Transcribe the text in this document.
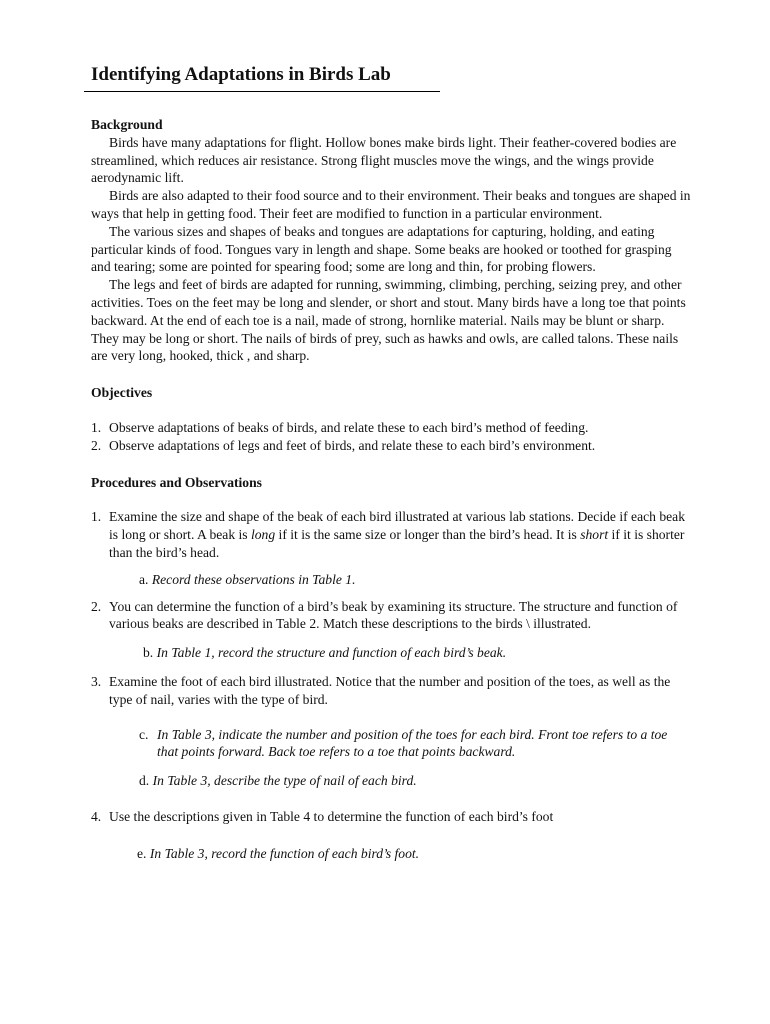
Identifying Adaptations in Birds Lab
Background

Birds have many adaptations for flight. Hollow bones make birds light. Their feather-covered bodies are streamlined, which reduces air resistance. Strong flight muscles move the wings, and the wings provide aerodynamic lift.

Birds are also adapted to their food source and to their environment. Their beaks and tongues are shaped in ways that help in getting food. Their feet are modified to function in a particular environment.

The various sizes and shapes of beaks and tongues are adaptations for capturing, holding, and eating particular kinds of food. Tongues vary in length and shape. Some beaks are hooked or toothed for grasping and tearing; some are pointed for spearing food; some are long and thin, for probing flowers.

The legs and feet of birds are adapted for running, swimming, climbing, perching, seizing prey, and other activities. Toes on the feet may be long and slender, or short and stout. Many birds have a long toe that points backward. At the end of each toe is a nail, made of strong, hornlike material. Nails may be blunt or sharp. They may be long or short. The nails of birds of prey, such as hawks and owls, are called talons. These nails are very long, hooked, thick , and sharp.

Objectives
1. Observe adaptations of beaks of birds, and relate these to each bird’s method of feeding.
2. Observe adaptations of legs and feet of birds, and relate these to each bird’s environment.
Procedures and Observations
1. Examine the size and shape of the beak of each bird illustrated at various lab stations. Decide if each beak is long or short. A beak is long if it is the same size or longer than the bird’s head. It is short if it is shorter than the bird’s head.
a. Record these observations in Table 1.
2. You can determine the function of a bird’s beak by examining its structure. The structure and function of various beaks are described in Table 2. Match these descriptions to the birds \ illustrated.
b. In Table 1, record the structure and function of each bird’s beak.
3. Examine the foot of each bird illustrated. Notice that the number and position of the toes, as well as the type of nail, varies with the type of bird.
c. In Table 3, indicate the number and position of the toes for each bird. Front toe refers to a toe that points forward. Back toe refers to a toe that points backward.
d. In Table 3, describe the type of nail of each bird.
4. Use the descriptions given in Table 4 to determine the function of each bird’s foot
e. In Table 3, record the function of each bird’s foot.
